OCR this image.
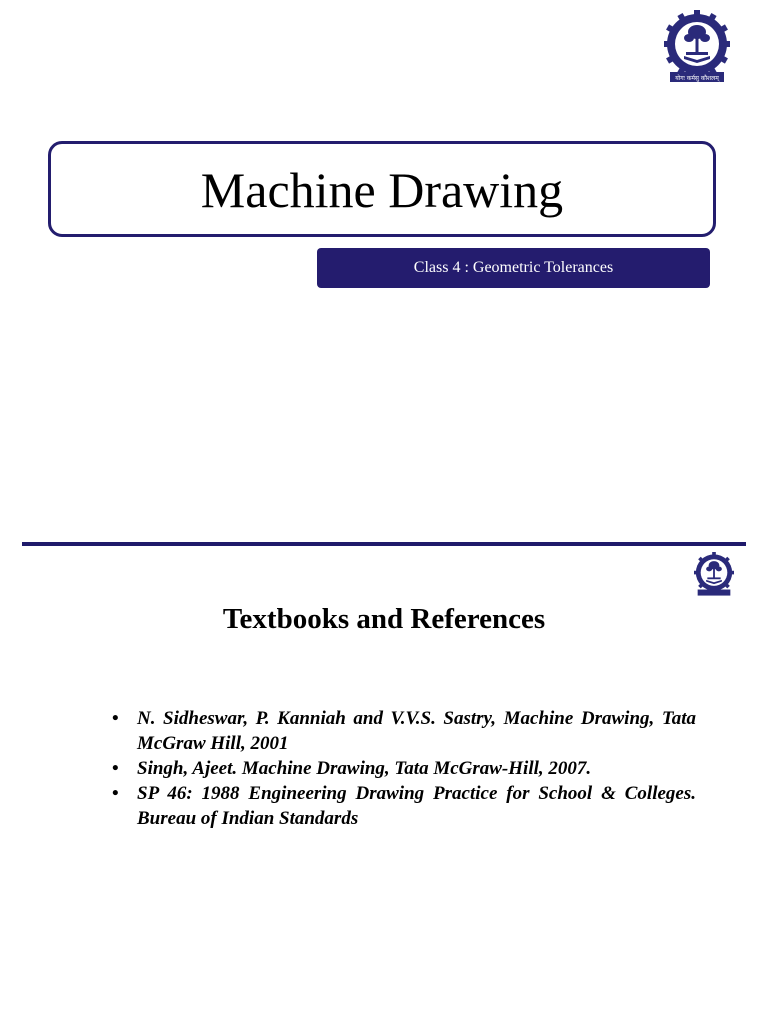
योगः कर्मसु कौशलम्
Machine Drawing
Class 4 : Geometric Tolerances
Textbooks and References
• N. Sidheswar, P. Kanniah and V.V.S. Sastry, Machine Drawing, Tata McGraw Hill, 2001
• Singh, Ajeet. Machine Drawing, Tata McGraw-Hill, 2007.
• SP 46: 1988 Engineering Drawing Practice for School & Colleges. Bureau of Indian Standards
